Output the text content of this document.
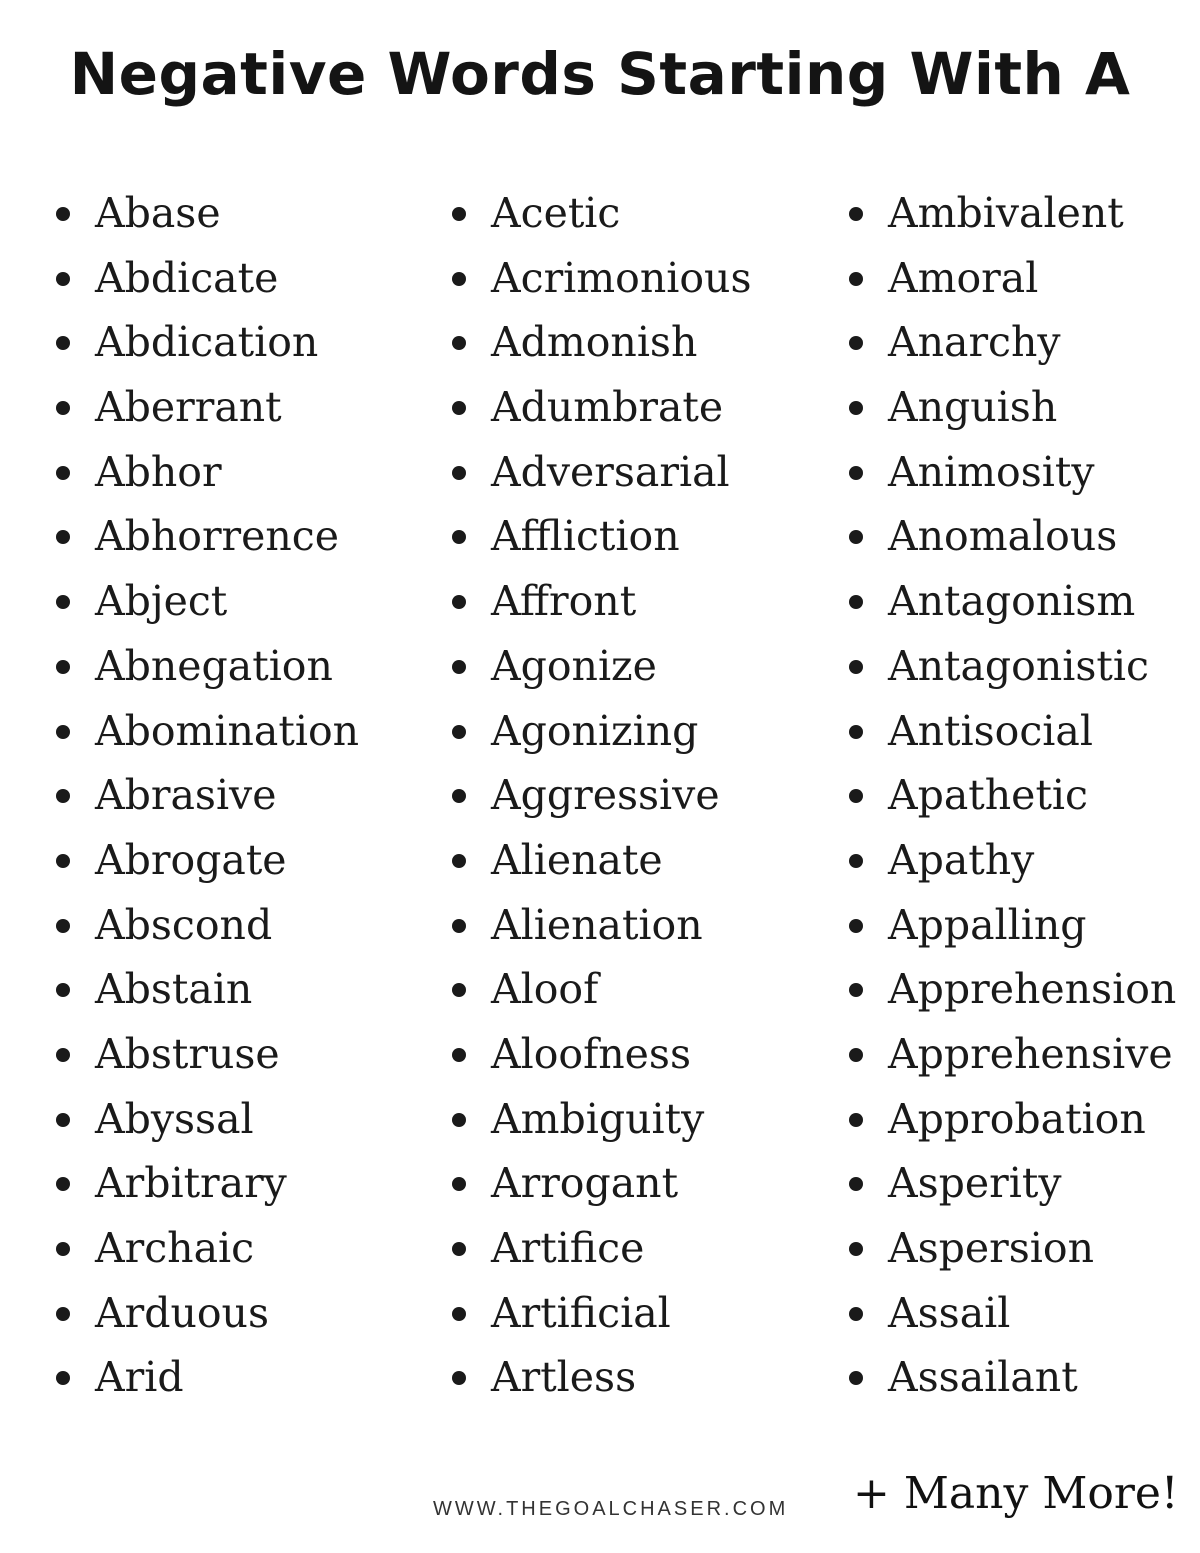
Negative Words Starting With A
Abase
Abdicate
Abdication
Aberrant
Abhor
Abhorrence
Abject
Abnegation
Abomination
Abrasive
Abrogate
Abscond
Abstain
Abstruse
Abyssal
Arbitrary
Archaic
Arduous
Arid
Acetic
Acrimonious
Admonish
Adumbrate
Adversarial
Affliction
Affront
Agonize
Agonizing
Aggressive
Alienate
Alienation
Aloof
Aloofness
Ambiguity
Arrogant
Artifice
Artificial
Artless
Ambivalent
Amoral
Anarchy
Anguish
Animosity
Anomalous
Antagonism
Antagonistic
Antisocial
Apathetic
Apathy
Appalling
Apprehension
Apprehensive
Approbation
Asperity
Aspersion
Assail
Assailant
WWW.THEGOALCHASER.COM + Many More!
